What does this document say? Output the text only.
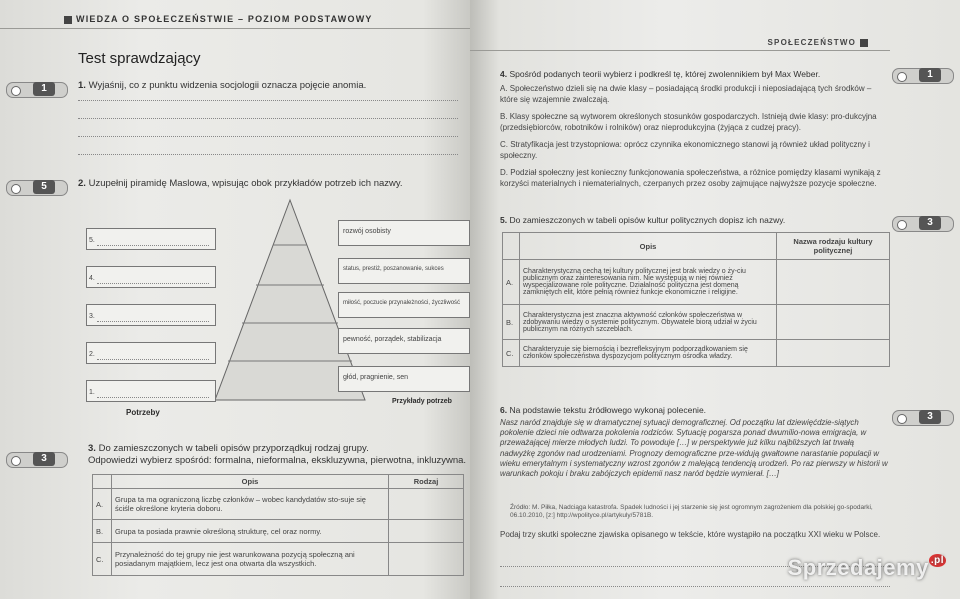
WIEDZA O SPOŁECZEŃSTWIE – POZIOM PODSTAWOWY
Test sprawdzający
1	1. Wyjaśnij, co z punktu widzenia socjologii oznacza pojęcie anomia.
5	2. Uzupełnij piramidę Maslowa, wpisując obok przykładów potrzeb ich nazwy.
5.
4.
3.
2.
1.
rozwój osobisty
status, prestiż, poszanowanie, sukces
miłość, poczucie przynależności, życzliwość
pewność, porządek, stabilizacja
głód, pragnienie, sen
Potrzeby
Przykłady potrzeb
3
3. Do zamieszczonych w tabeli opisów przyporządkuj rodzaj grupy.
Odpowiedzi wybierz spośród: formalna, nieformalna, ekskluzywna, pierwotna, inkluzywna.
	Opis	Rodzaj
A.	Grupa ta ma ograniczoną liczbę członków – wobec kandydatów sto-suje się ściśle określone kryteria doboru.	
B.	Grupa ta posiada prawnie określoną strukturę, cel oraz normy.	
C.	Przynależność do tej grupy nie jest warunkowana pozycją społeczną ani posiadanym majątkiem, lecz jest ona otwarta dla wszystkich.	
SPOŁECZEŃSTWO
1
3
3
4. Spośród podanych teorii wybierz i podkreśl tę, której zwolennikiem był Max Weber.
A. Społeczeństwo dzieli się na dwie klasy – posiadającą środki produkcji i nieposiadającą tych środków – które się wzajemnie zwalczają.
B. Klasy społeczne są wytworem określonych stosunków gospodarczych. Istnieją dwie klasy: pro-dukcyjna (przedsiębiorców, robotników i rolników) oraz nieprodukcyjna (żyjąca z cudzej pracy).
C. Stratyfikacja jest trzystopniowa: oprócz czynnika ekonomicznego stanowi ją również układ polityczny i społeczny.
D. Podział społeczny jest konieczny funkcjonowania społeczeństwa, a różnice pomiędzy klasami wynikają z korzyści materialnych i niematerialnych, czerpanych przez osoby zajmujące najwyższe pozycje społeczne.
5. Do zamieszczonych w tabeli opisów kultur politycznych dopisz ich nazwy.
	Opis	Nazwa rodzaju kultury politycznej
A.	Charakterystyczną cechą tej kultury politycznej jest brak wiedzy o ży-ciu publicznym oraz zainteresowania nim. Nie występują w niej również wyspecjalizowane role polityczne. Działalność polityczna jest domeną zamkniętych elit, które pełnią również funkcje ekonomiczne i religijne.	
B.	Charakterystyczna jest znaczna aktywność członków społeczeństwa w zdobywaniu wiedzy o systemie politycznym. Obywatele biorą udział w życiu publicznym na różnych szczeblach.	
C.	Charakteryzuje się biernością i bezrefleksyjnym podporządkowaniem się członków społeczeństwa dyspozycjom politycznym ośrodka władzy.	
6. Na podstawie tekstu źródłowego wykonaj polecenie.
Nasz naród znajduje się w dramatycznej sytuacji demograficznej. Od początku lat dziewięćdzie-siątych pokolenie dzieci nie odtwarza pokolenia rodziców. Sytuację pogarsza ponad dwumilio-nowa emigracja, w przeważającej mierze młodych ludzi. To powoduje […] w perspektywie już kilku najbliższych lat trwałą nadwyżkę zgonów nad urodzeniami. Prognozy demograficzne prze-widują gwałtowne narastanie populacji w wieku emerytalnym i systematyczny wzrost zgonów z malejącą tendencją urodzeń. Po raz pierwszy w historii w warunkach pokoju i braku zabójczych epidemii nasz naród będzie wymierał. […]
Źródło: M. Piłka, Nadciąga katastrofa. Spadek ludności i jej starzenie się jest ogromnym zagrożeniem dla polskiej go-spodarki, 06.10.2010, [z:] http://wpolityce.pl/artykuly/5781B.
Podaj trzy skutki społeczne zjawiska opisanego w tekście, które wystąpiło na początku XXI wieku w Polsce.
Sprzedajemy $^{.pl}$
